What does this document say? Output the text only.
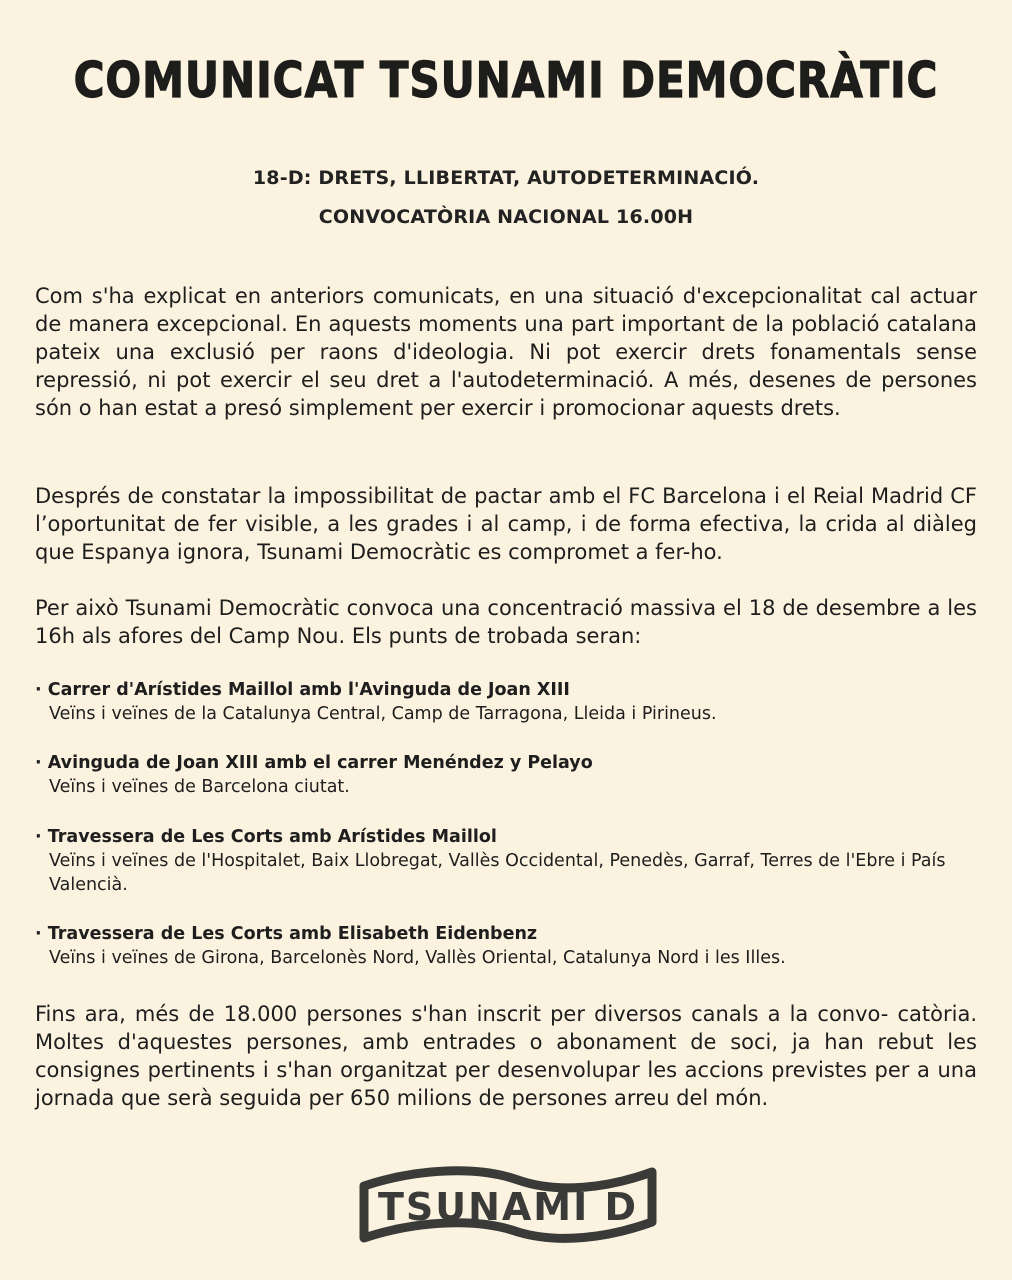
COMUNICAT TSUNAMI DEMOCRÀTIC
18-D: DRETS, LLIBERTAT, AUTODETERMINACIÓ.
CONVOCATÒRIA NACIONAL 16.00H
Com s'ha explicat en anteriors comunicats, en una situació d'excepcionalitat cal actuar de manera excepcional. En aquests moments una part important de la població catalana pateix una exclusió per raons d'ideologia. Ni pot exercir drets fonamentals sense repressió, ni pot exercir el seu dret a l'autodeterminació. A més, desenes de persones són o han estat a presó simplement per exercir i promocionar aquests drets.
Després de constatar la impossibilitat de pactar amb el FC Barcelona i el Reial Madrid CF l’oportunitat de fer visible, a les grades i al camp, i de forma efectiva, la crida al diàleg que Espanya ignora, Tsunami Democràtic es compromet a fer-ho.
Per això Tsunami Democràtic convoca una concentració massiva el 18 de desembre a les 16h als afores del Camp Nou. Els punts de trobada seran:
· Carrer d'Arístides Maillol amb l'Avinguda de Joan XIII
Veïns i veïnes de la Catalunya Central, Camp de Tarragona, Lleida i Pirineus.
· Avinguda de Joan XIII amb el carrer Menéndez y Pelayo
Veïns i veïnes de Barcelona ciutat.
· Travessera de Les Corts amb Arístides Maillol
Veïns i veïnes de l'Hospitalet, Baix Llobregat, Vallès Occidental, Penedès, Garraf, Terres de l'Ebre i País Valencià.
· Travessera de Les Corts amb Elisabeth Eidenbenz
Veïns i veïnes de Girona, Barcelonès Nord, Vallès Oriental, Catalunya Nord i les Illes.
Fins ara, més de 18.000 persones s'han inscrit per diversos canals a la convo- catòria. Moltes d'aquestes persones, amb entrades o abonament de soci, ja han rebut les consignes pertinents i s'han organitzat per desenvolupar les accions previstes per a una jornada que serà seguida per 650 milions de persones arreu del món.
TSUNAMI D
